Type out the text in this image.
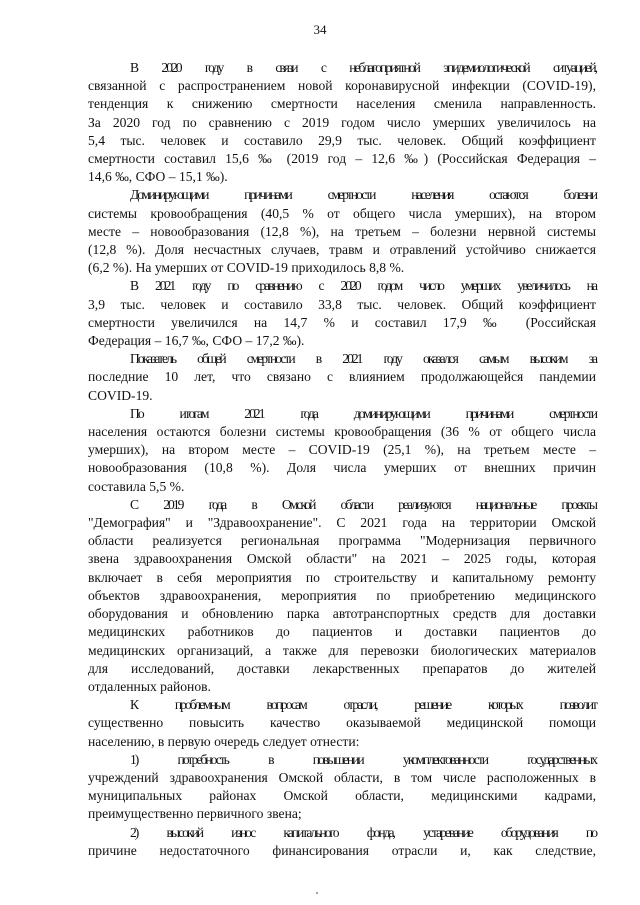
34

В 2020 году в связи с неблагоприятной эпидемиологической ситуацией,
связанной с распространением новой коронавирусной инфекции (COVID-19),
тенденция к снижению смертности населения сменила направленность.
За 2020 год по сравнению с 2019 годом число умерших увеличилось на
5,4 тыс. человек и составило 29,9 тыс. человек. Общий коэффициент
смертности составил 15,6 ‰ (2019 год – 12,6 ‰) (Российская Федерация –
14,6 ‰, СФО – 15,1 ‰).

Доминирующими причинами смертности населения остаются болезни
системы кровообращения (40,5 % от общего числа умерших), на втором
месте – новообразования (12,8 %), на третьем – болезни нервной системы
(12,8 %). Доля несчастных случаев, травм и отравлений устойчиво снижается
(6,2 %). На умерших от COVID-19 приходилось 8,8 %.

В 2021 году по сравнению с 2020 годом число умерших увеличилось на
3,9 тыс. человек и составило 33,8 тыс. человек. Общий коэффициент
смертности увеличился на 14,7 % и составил 17,9 ‰ (Российская
Федерация – 16,7 ‰, СФО – 17,2 ‰).

Показатель общей смертности в 2021 году оказался самым высоким за
последние 10 лет, что связано с влиянием продолжающейся пандемии
COVID-19.

По итогам 2021 года доминирующими причинами смертности
населения остаются болезни системы кровообращения (36 % от общего числа
умерших), на втором месте – COVID-19 (25,1 %), на третьем месте –
новообразования (10,8 %). Доля числа умерших от внешних причин
составила 5,5 %.

С 2019 года в Омской области реализуются национальные проекты
"Демография" и "Здравоохранение". С 2021 года на территории Омской
области реализуется региональная программа "Модернизация первичного
звена здравоохранения Омской области" на 2021 – 2025 годы, которая
включает в себя мероприятия по строительству и капитальному ремонту
объектов здравоохранения, мероприятия по приобретению медицинского
оборудования и обновлению парка автотранспортных средств для доставки
медицинских работников до пациентов и доставки пациентов до
медицинских организаций, а также для перевозки биологических материалов
для исследований, доставки лекарственных препаратов до жителей
отдаленных районов.

К проблемным вопросам отрасли, решение которых позволит
существенно повысить качество оказываемой медицинской помощи
населению, в первую очередь следует отнести:

1) потребность в повышении укомплектованности государственных
учреждений здравоохранения Омской области, в том числе расположенных в
муниципальных районах Омской области, медицинскими кадрами,
преимущественно первичного звена;

2) высокий износ капитального фонда, устаревание оборудования по
причине недостаточного финансирования отрасли и, как следствие,
